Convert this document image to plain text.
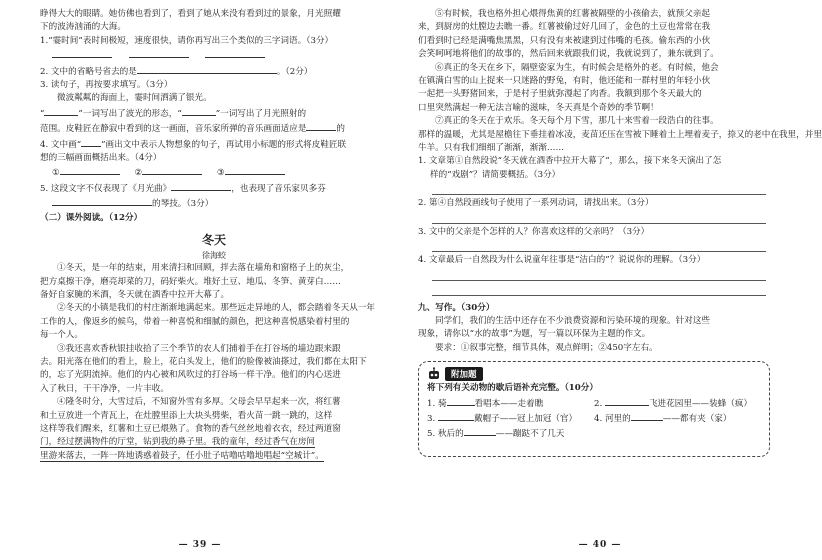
睁得大大的眼睛。她仿佛也看到了，看到了她从来没有看到过的景象，月光照耀
下的波涛汹涌的大海。
1.“霎时间”表时间极短，速度很快，请你再写出三个类似的三字词语。（3分）

2. 文中的省略号省去的是	。（2分）
3. 读句子，再按要求填写。（3分）
微波粼粼的海面上，霎时间洒满了银光。
“	”一词写出了波光的形态，“	”一词写出了月光照射的
范围。皮鞋匠在静寂中看到的这一画面，音乐家所弹的音乐画面适应是	的
4. 文中画“ ”画出文中表示人物想象的句子，再试用小标题的形式将皮鞋匠联
想的三幅画面概括出来。（4分）
①	②	③
5. 这段文字不仅表现了《月光曲》	，也表现了音乐家贝多芬
的琴技。（3分）
（二）课外阅读。（12分）
冬天
徐海蛟
①冬天，是一年的结束，用来清扫和回顾，拌去落在墙角和窗格子上的灰尘，
把方桌擦干净，磨亮却菜的刀，码好柴火。堆好土豆、地瓜、冬笋、黄芽白……
备好自家腌的米酒，冬天就在酒香中拉开大幕了。
②冬天的小镇是我们的村庄渐渐地满起来。那些远走异地的人，都会踏着冬天从一年
工作的人，像返乡的候鸟，带着一种喜悦和细腻的颜色，把这种喜悦感染着村里的
每一个人。
③我还喜欢香秋银挂收拾了三个季节的农人们捕着手在打谷场的墙边跟来跟
去。阳光落在他们的看上，脸上，花白头发上，他们的脸像被油搽过，我们都在太阳下
的，忘了光阴流掉。他们的内心被和风吹过的打谷场一样干净。他们的内心送进
入了秋日，干干净净，一片丰收。
④隆冬时分，大雪过后，不知窗外雪有多厚。父母会早早起来一次，将红薯
和土豆放进一个青瓦上，在灶膛里添上大块头劈柴，看火苗一跳一跳的，这样
这样等我们醒来，红薯和土豆已煨熟了。食物的香气丝丝地着衣衣，经过两道窗
门，经过摆满物件的厅堂，钻到我的鼻子里。我的童年，经过香气在房间
里游来落去，一阵一阵地诱惑着鼓子，任小肚子咕噜咕噜地唱起“空城计”。
— 39 —
⑤有时候，我也格外担心煨得焦黄的红薯被隔壁的小孩偷去，就预父亲起
来，到厨房的灶膛边去瞧一番。红薯被偷过好几回了，金色的土豆也常常在我
们看到时已经是满嘴焦黑黑，只有没有来被逮到过伟嘴的毛孩。偷东西的小伙
会笑呵呵地将他们的故事的，然后回来就跟我们说，我就说到了，兼东就到了。
⑥真正的冬天在乡下，隔壁姿家为生，有时候会是格外的老。有时候，他会
在镇满白雪的山上捉来一只迷路的野兔，有时，他还能和一群村里的年轻小伙
一起把一头野猪回来，于是村子里就弥漫起了肉香。我额到那个冬天最大的
口里突然满起一种无法言喻的滋味，冬天真是个奇妙的季节啊！
⑦真正的冬天在于欢乐。冬天每个月下雪，那几十来雪着一段浩白的往事。
那样的温暖，尤其是屋檐往下垂挂着冰凌，麦苗还压在雪被下睡着土上埋着麦子，捺又的老中在我里，并里
牛羊。只有我们细细了渐渐，渐渐……
1. 文章第①自然段说“冬天就在酒香中拉开大幕了”，那么，接下来冬天演出了怎
样的“戏剧”？请简要概括。（3分）
2. 第④自然段画线句子使用了一系列动词，请找出来。（3分）
3. 文中的父亲是个怎样的人？你喜欢这样的父亲吗？（3分）
4. 文章最后一自然段为什么说童年往事是“洁白的”？说说你的理解。（3分）
九、写作。（30分）
同学们，我们的生活中还存在不少浪费资源和污染环境的现象。针对这些
现象，请你以“水的故事”为题，写一篇以环保为主题的作文。
要求：①叙事完整，细节具体，观点鲜明；②450字左右。
附加题
将下列有关动物的歇后语补充完整。（10分）
1. 骑	看唱本——走着瞧	2.	飞进花园里——装蜂（疯）
3.	戴帽子——冠上加冠（官）	4. 河里的	——都有夹（家）
5. 秋后的	——蹦跶不了几天
— 40 —
